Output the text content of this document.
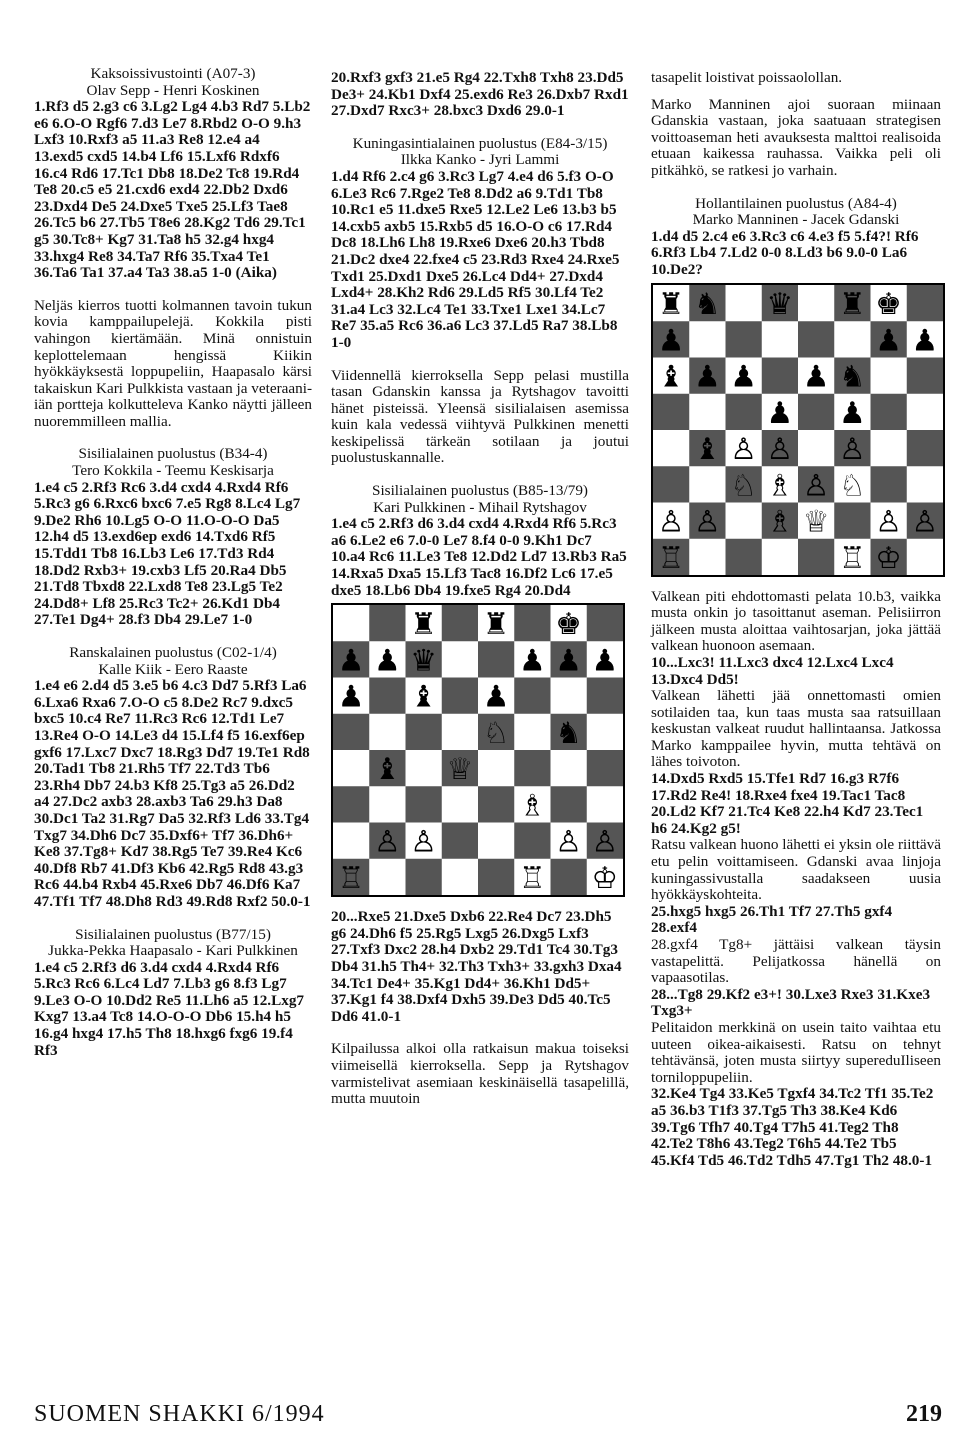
Kaksoissivustointi (A07-3)
Olav Sepp - Henri Koskinen
1.Rf3 d5 2.g3 c6 3.Lg2 Lg4 4.b3 Rd7 5.Lb2 e6 6.O-O Rgf6 7.d3 Le7 8.Rbd2 O-O 9.h3 Lxf3 10.Rxf3 a5 11.a3 Re8 12.e4 a4 13.exd5 cxd5 14.b4 Lf6 15.Lxf6 Rdxf6 16.c4 Rd6 17.Tc1 Db8 18.De2 Tc8 19.Rd4 Te8 20.c5 e5 21.cxd6 exd4 22.Db2 Dxd6 23.Dxd4 De5 24.Dxe5 Txe5 25.Lf3 Tae8 26.Tc5 b6 27.Tb5 T8e6 28.Kg2 Td6 29.Tc1 g5 30.Tc8+ Kg7 31.Ta8 h5 32.g4 hxg4 33.hxg4 Re8 34.Ta7 Rf6 35.Txa4 Te1 36.Ta6 Ta1 37.a4 Ta3 38.a5 1-0 (Aika)
Neljäs kierros tuotti kolmannen tavoin tukun kovia kamppailupelejä. Kokkila pisti vahingon kiertämään. Minä onnistuin keplottelemaan hengissä Kiikin hyökkäyksestä loppupeliin, Haapasalo kärsi takaiskun Kari Pulkkista vastaan ja veteraani-iän portteja kolkutteleva Kanko näytti jälleen nuoremmilleen mallia.
Sisilialainen puolustus (B34-4)
Tero Kokkila - Teemu Keskisarja
1.e4 c5 2.Rf3 Rc6 3.d4 cxd4 4.Rxd4 Rf6 5.Rc3 g6 6.Rxc6 bxc6 7.e5 Rg8 8.Lc4 Lg7 9.De2 Rh6 10.Lg5 O-O 11.O-O-O Da5 12.h4 d5 13.exd6ep exd6 14.Txd6 Rf5 15.Tdd1 Tb8 16.Lb3 Le6 17.Td3 Rd4 18.Dd2 Rxb3+ 19.cxb3 Lf5 20.Ra4 Db5 21.Td8 Tbxd8 22.Lxd8 Te8 23.Lg5 Te2 24.Dd8+ Lf8 25.Rc3 Tc2+ 26.Kd1 Db4 27.Te1 Dg4+ 28.f3 Db4 29.Le7 1-0
Ranskalainen puolustus (C02-1/4)
Kalle Kiik - Eero Raaste
1.e4 e6 2.d4 d5 3.e5 b6 4.c3 Dd7 5.Rf3 La6 6.Lxa6 Rxa6 7.O-O c5 8.De2 Rc7 9.dxc5 bxc5 10.c4 Re7 11.Rc3 Rc6 12.Td1 Le7 13.Re4 O-O 14.Le3 d4 15.Lf4 f5 16.exf6ep gxf6 17.Lxc7 Dxc7 18.Rg3 Dd7 19.Te1 Rd8 20.Tad1 Tb8 21.Rh5 Tf7 22.Td3 Tb6 23.Rh4 Db7 24.b3 Kf8 25.Tg3 a5 26.Dd2 a4 27.Dc2 axb3 28.axb3 Ta6 29.h3 Da8 30.Dc1 Ta2 31.Rg7 Da5 32.Rf3 Ld6 33.Tg4 Txg7 34.Dh6 Dc7 35.Dxf6+ Tf7 36.Dh6+ Ke8 37.Tg8+ Kd7 38.Rg5 Te7 39.Re4 Kc6 40.Df8 Rb7 41.Df3 Kb6 42.Rg5 Rd8 43.g3 Rc6 44.b4 Rxb4 45.Rxe6 Db7 46.Df6 Ka7 47.Tf1 Tf7 48.Dh8 Rd3 49.Rd8 Rxf2 50.0-1
Sisilialainen puolustus (B77/15)
Jukka-Pekka Haapasalo - Kari Pulkkinen
1.e4 c5 2.Rf3 d6 3.d4 cxd4 4.Rxd4 Rf6 5.Rc3 Rc6 6.Lc4 Ld7 7.Lb3 g6 8.f3 Lg7 9.Le3 O-O 10.Dd2 Re5 11.Lh6 a5 12.Lxg7 Kxg7 13.a4 Tc8 14.O-O-O Db6 15.h4 h5 16.g4 hxg4 17.h5 Th8 18.hxg6 fxg6 19.f4 Rf3
20.Rxf3 gxf3 21.e5 Rg4 22.Txh8 Txh8 23.Dd5 De3+ 24.Kb1 Dxf4 25.exd6 Re3 26.Dxb7 Rxd1 27.Dxd7 Rxc3+ 28.bxc3 Dxd6 29.0-1
Kuningasintialainen puolustus (E84-3/15)
Ilkka Kanko - Jyri Lammi
1.d4 Rf6 2.c4 g6 3.Rc3 Lg7 4.e4 d6 5.f3 O-O 6.Le3 Rc6 7.Rge2 Te8 8.Dd2 a6 9.Td1 Tb8 10.Rc1 e5 11.dxe5 Rxe5 12.Le2 Le6 13.b3 b5 14.cxb5 axb5 15.Rxb5 d5 16.O-O c6 17.Rd4 Dc8 18.Lh6 Lh8 19.Rxe6 Dxe6 20.h3 Tbd8 21.Dc2 dxe4 22.fxe4 c5 23.Rd3 Rxe4 24.Rxe5 Txd1 25.Dxd1 Dxe5 26.Lc4 Dd4+ 27.Dxd4 Lxd4+ 28.Kh2 Rd6 29.Ld5 Rf5 30.Lf4 Te2 31.a4 Lc3 32.Lc4 Te1 33.Txe1 Lxe1 34.Lc7 Re7 35.a5 Rc6 36.a6 Lc3 37.Ld5 Ra7 38.Lb8 1-0
Viidennellä kierroksella Sepp pelasi mustilla tasan Gdanskin kanssa ja Rytshagov tavoitti hänet pisteissä. Yleensä sisilialaisen asemissa kuin kala vedessä viihtyvä Pulkkinen menetti keskipelissä tärkeän sotilaan ja joutui puolustuskannalle.
Sisilialainen puolustus (B85-13/79)
Kari Pulkkinen - Mihail Rytshagov
1.e4 c5 2.Rf3 d6 3.d4 cxd4 4.Rxd4 Rf6 5.Rc3 a6 6.Le2 e6 7.0-0 Le7 8.f4 0-0 9.Kh1 Dc7 10.a4 Rc6 11.Le3 Te8 12.Dd2 Ld7 13.Rb3 Ra5 14.Rxa5 Dxa5 15.Lf3 Tac8 16.Df2 Lc6 17.e5 dxe5 18.Lb6 Db4 19.fxe5 Rg4 20.Dd4
20...Rxe5 21.Dxe5 Dxb6 22.Re4 Dc7 23.Dh5 g6 24.Dh6 f5 25.Rg5 Lxg5 26.Dxg5 Lxf3 27.Txf3 Dxc2 28.h4 Dxb2 29.Td1 Tc4 30.Tg3 Db4 31.h5 Th4+ 32.Th3 Txh3+ 33.gxh3 Dxa4 34.Tc1 De4+ 35.Kg1 Dd4+ 36.Kh1 Dd5+ 37.Kg1 f4 38.Dxf4 Dxh5 39.De3 Dd5 40.Tc5 Dd6 41.0-1
Kilpailussa alkoi olla ratkaisun makua toiseksi viimeisellä kierroksella. Sepp ja Rytshagov varmistelivat asemiaan keskinäisellä tasapelillä, mutta muutoin
tasapelit loistivat poissaolollan.
Marko Manninen ajoi suoraan miinaan Gdanskia vastaan, joka saatuaan strategisen voittoaseman heti avauksesta malttoi realisoida etuaan kaikessa rauhassa. Vaikka peli oli pitkähkö, se ratkesi jo varhain.
Hollantilainen puolustus (A84-4)
Marko Manninen - Jacek Gdanski
1.d4 d5 2.c4 e6 3.Rc3 c6 4.e3 f5 5.f4?! Rf6 6.Rf3 Lb4 7.Ld2 0-0 8.Ld3 b6 9.0-0 La6 10.De2?
Valkean piti ehdottomasti pelata 10.b3, vaikka musta onkin jo tasoittanut aseman. Pelisiirron jälkeen musta aloittaa vaihtosarjan, joka jättää valkean huonoon asemaan.
10...Lxc3! 11.Lxc3 dxc4 12.Lxc4 Lxc4 13.Dxc4 Dd5!
Valkean lähetti jää onnettomasti omien sotilaiden taa, kun taas musta saa ratsuillaan keskustan valkeat ruudut hallintaansa. Jatkossa Marko kamppailee hyvin, mutta tehtävä on lähes toivoton.
14.Dxd5 Rxd5 15.Tfe1 Rd7 16.g3 R7f6 17.Rd2 Re4! 18.Rxe4 fxe4 19.Tac1 Tac8 20.Ld2 Kf7 21.Tc4 Ke8 22.h4 Kd7 23.Tec1 h6 24.Kg2 g5!
Ratsu valkean huono lähetti ei yksin ole riittävä etu pelin voittamiseen. Gdanski avaa linjoja kuningassivustalla saadakseen uusia hyökkäyskohteita.
25.hxg5 hxg5 26.Th1 Tf7 27.Th5 gxf4 28.exf4
28.gxf4 Tg8+ jättäisi valkean täysin vastapelittä. Pelijatkossa hänellä on vapaasotilas.
28...Tg8 29.Kf2 e3+! 30.Lxe3 Rxe3 31.Kxe3 Txg3+
Pelitaidon merkkinä on usein taito vaihtaa etu uuteen oikea-aikaisesti. Ratsu on tehnyt tehtävänsä, joten musta siirtyy supereduIliseen torniloppupeliin.
32.Ke4 Tg4 33.Ke5 Tgxf4 34.Tc2 Tf1 35.Te2 a5 36.b3 T1f3 37.Tg5 Th3 38.Ke4 Kd6 39.Tg6 Tfh7 40.Tg4 T7h5 41.Teg2 Th8 42.Te2 T8h6 43.Teg2 T6h5 44.Te2 Tb5 45.Kf4 Td5 46.Td2 Tdh5 47.Tg1 Th2 48.0-1
SUOMEN SHAKKI 6/1994	219
